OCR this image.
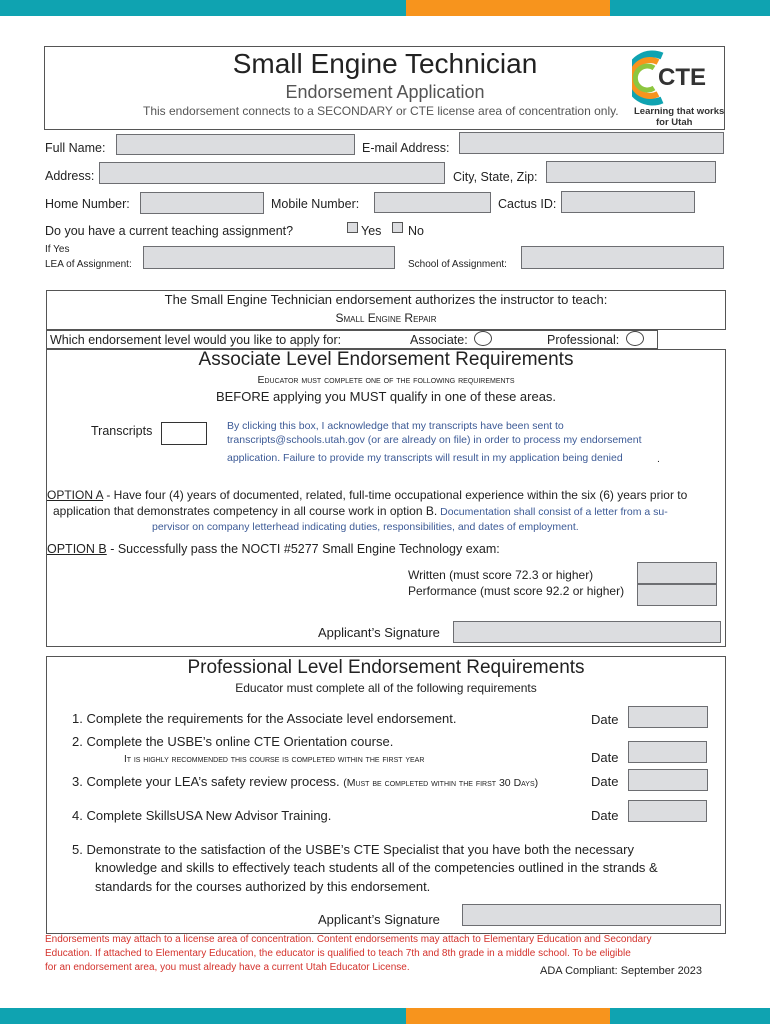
Small Engine Technician
Endorsement Application
This endorsement connects to a SECONDARY or CTE license area of concentration only.
CTE
Learning that works
for Utah
Full Name:	E-mail Address:
Address:	City, State, Zip:
Home Number:	Mobile Number:	Cactus ID:
Do you have a current teaching assignment?	Yes No
If Yes
LEA of Assignment:	School of Assignment:
The Small Engine Technician endorsement authorizes the instructor to teach:
Small Engine Repair
Which endorsement level would you like to apply for:	Associate:	Professional:
Associate Level Endorsement Requirements
Educator must complete one of the following requirements
BEFORE applying you MUST qualify in one of these areas.
Transcripts	By clicking this box, I acknowledge that my transcripts have been sent to
transcripts@schools.utah.gov (or are already on file) in order to process my endorsement
application. Failure to provide my transcripts will result in my application being denied	.
OPTION A - Have four (4) years of documented, related, full-time occupational experience within the six (6) years prior to
application that demonstrates competency in all course work in option B. Documentation shall consist of a letter from a su-
pervisor on company letterhead indicating duties, responsibilities, and dates of employment.
OPTION B - Successfully pass the NOCTI #5277 Small Engine Technology exam:
Written (must score 72.3 or higher)
Performance (must score 92.2 or higher)
Applicant’s Signature
Professional Level Endorsement Requirements
Educator must complete all of the following requirements
1. Complete the requirements for the Associate level endorsement.	Date
2. Complete the USBE’s online CTE Orientation course.
It is highly recommended this course is completed within the first year	Date
3. Complete your LEA’s safety review process. (Must be completed within the first 30 Days)	Date
4. Complete SkillsUSA New Advisor Training.	Date
5. Demonstrate to the satisfaction of the USBE’s CTE Specialist that you have both the necessary
knowledge and skills to effectively teach students all of the competencies outlined in the strands &
standards for the courses authorized by this endorsement.
Applicant’s Signature
Endorsements may attach to a license area of concentration. Content endorsements may attach to Elementary Education and Secondary
Education. If attached to Elementary Education, the educator is qualified to teach 7th and 8th grade in a middle school. To be eligible
for an endorsement area, you must already have a current Utah Educator License.	ADA Compliant: September 2023
